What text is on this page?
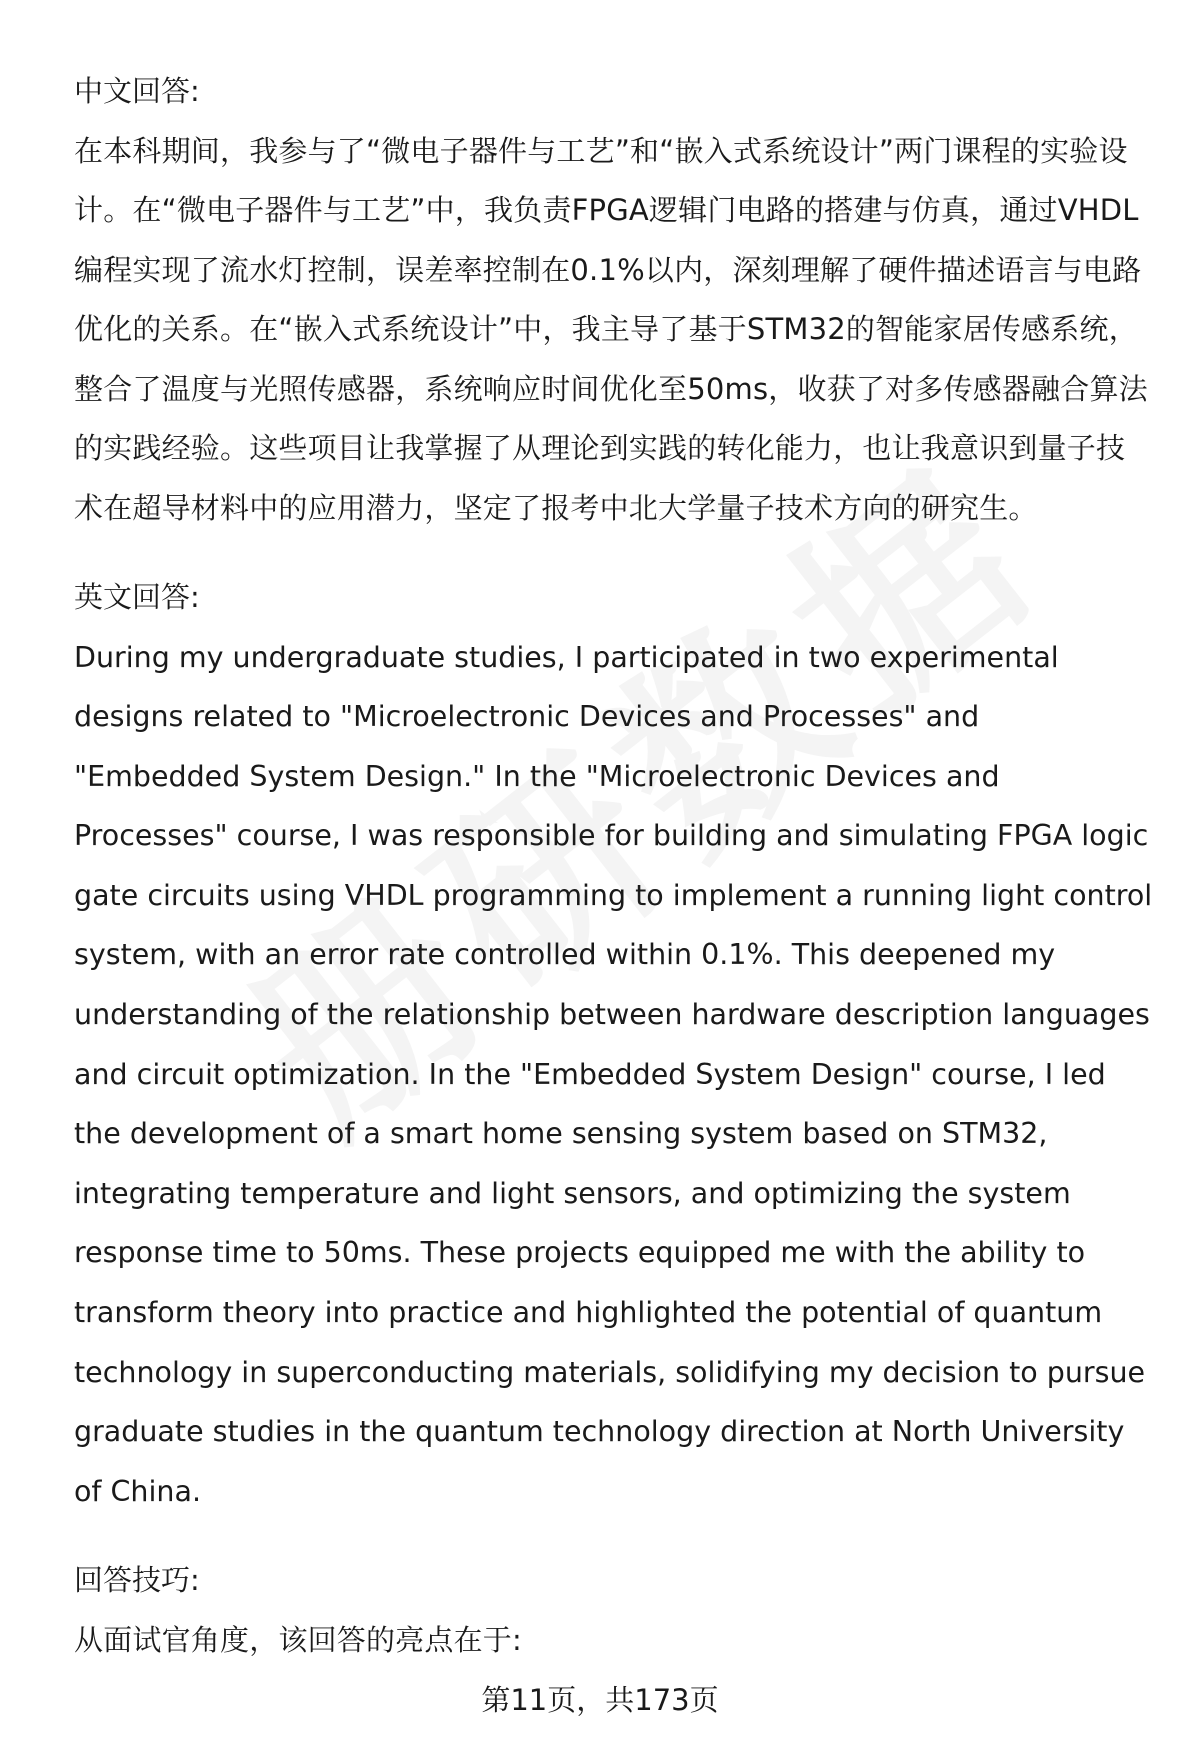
中文回答:

在本科期间，我参与了“微电子器件与工艺”和“嵌入式系统设计”两门课程的实验设计。在“微电子器件与工艺”中，我负责FPGA逻辑门电路的搭建与仿真，通过VHDL编程实现了流水灯控制，误差率控制在0.1%以内，深刻理解了硬件描述语言与电路优化的关系。在“嵌入式系统设计”中，我主导了基于STM32的智能家居传感系统，整合了温度与光照传感器，系统响应时间优化至50ms，收获了对多传感器融合算法的实践经验。这些项目让我掌握了从理论到实践的转化能力，也让我意识到量子技术在超导材料中的应用潜力，坚定了报考中北大学量子技术方向的研究生。

英文回答:

During my undergraduate studies, I participated in two experimental designs related to "Microelectronic Devices and Processes" and "Embedded System Design." In the "Microelectronic Devices and Processes" course, I was responsible for building and simulating FPGA logic gate circuits using VHDL programming to implement a running light control system, with an error rate controlled within 0.1%. This deepened my understanding of the relationship between hardware description languages and circuit optimization. In the "Embedded System Design" course, I led the development of a smart home sensing system based on STM32, integrating temperature and light sensors, and optimizing the system response time to 50ms. These projects equipped me with the ability to transform theory into practice and highlighted the potential of quantum technology in superconducting materials, solidifying my decision to pursue graduate studies in the quantum technology direction at North University of China.

回答技巧:

从面试官角度，该回答的亮点在于:

第11页，共173页
